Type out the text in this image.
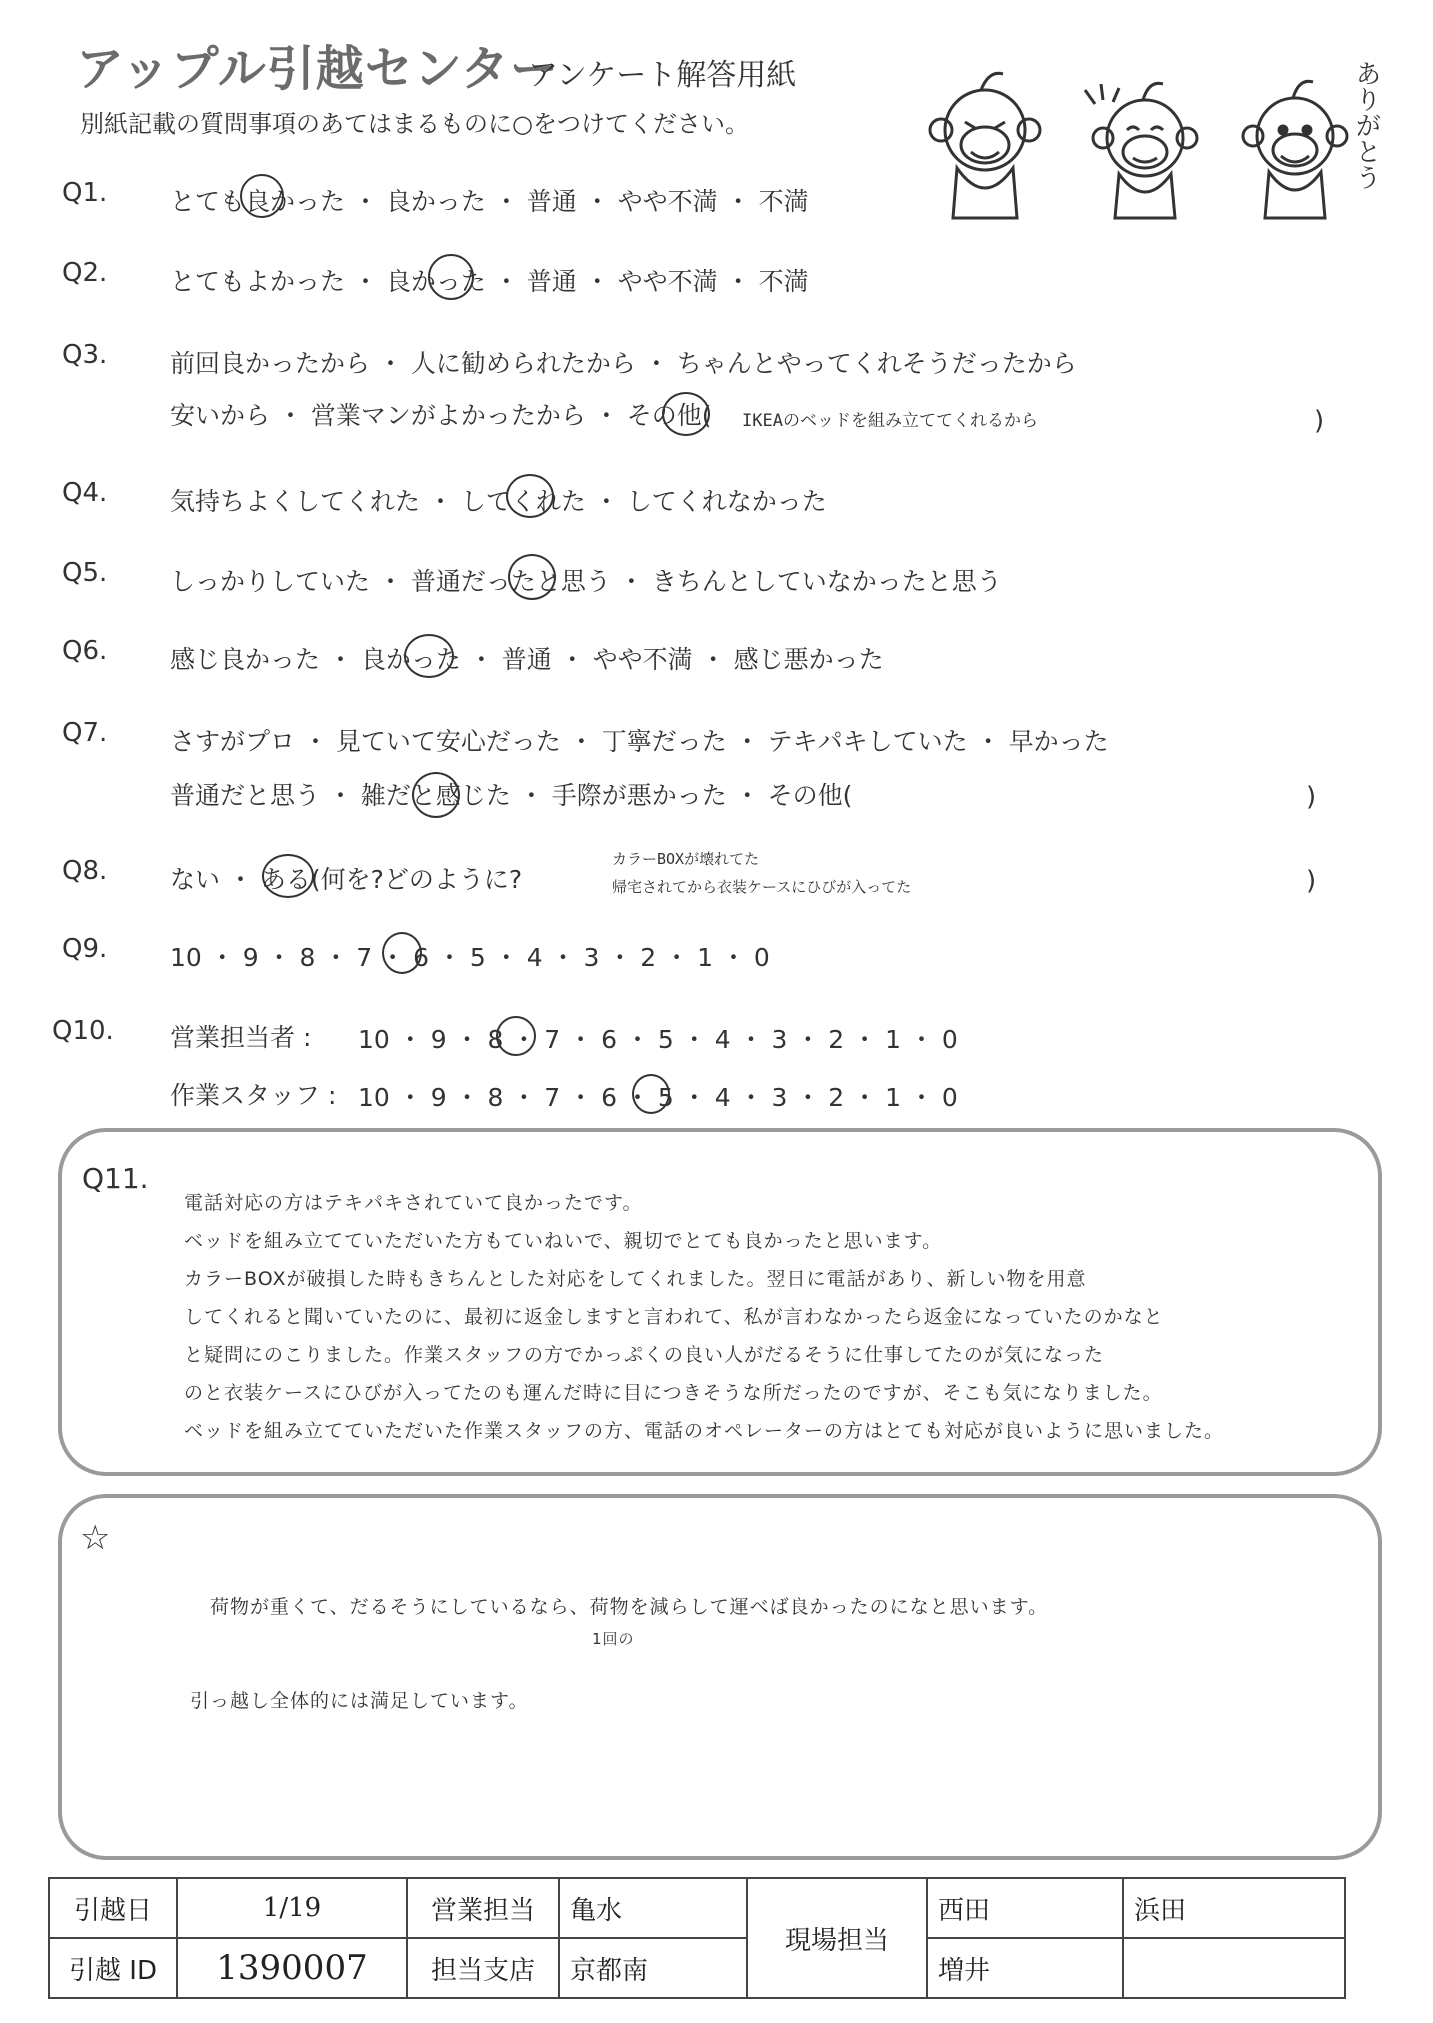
アップル引越センター
アンケート解答用紙
別紙記載の質問事項のあてはまるものに○をつけてください。	ありがとう
Q1.	とても良かった ・ 良かった ・ 普通 ・ やや不満 ・ 不満
Q2.	とてもよかった ・ 良かった ・ 普通 ・ やや不満 ・ 不満
Q3.	前回良かったから ・ 人に勧められたから ・ ちゃんとやってくれそうだったから
安いから ・ 営業マンがよかったから ・ その他( IKEAのベッドを組み立ててくれるから	)
Q4.	気持ちよくしてくれた ・ してくれた ・ してくれなかった
Q5.	しっかりしていた ・ 普通だったと思う ・ きちんとしていなかったと思う
Q6.	感じ良かった ・ 良かった ・ 普通 ・ やや不満 ・ 感じ悪かった
Q7.	さすがプロ ・ 見ていて安心だった ・ 丁寧だった ・ テキパキしていた ・ 早かった
普通だと思う ・ 雑だと感じた ・ 手際が悪かった ・ その他(	)
Q8.	ない ・ ある(何を?どのように?
カラーBOXが壊れてた
帰宅されてから衣装ケースにひびが入ってた	)
Q9.	10 ・ 9 ・ 8 ・ 7 ・ 6 ・ 5 ・ 4 ・ 3 ・ 2 ・ 1 ・ 0
Q10. 営業担当者 : 10 ・ 9 ・ 8 ・ 7 ・ 6 ・ 5 ・ 4 ・ 3 ・ 2 ・ 1 ・ 0
作業スタッフ : 10 ・ 9 ・ 8 ・ 7 ・ 6 ・ 5 ・ 4 ・ 3 ・ 2 ・ 1 ・ 0
Q11.
電話対応の方はテキパキされていて良かったです。
ベッドを組み立てていただいた方もていねいで、親切でとても良かったと思います。
カラーBOXが破損した時もきちんとした対応をしてくれました。翌日に電話があり、新しい物を用意
してくれると聞いていたのに、最初に返金しますと言われて、私が言わなかったら返金になっていたのかなと
と疑問にのこりました。作業スタッフの方でかっぷくの良い人がだるそうに仕事してたのが気になった
のと衣装ケースにひびが入ってたのも運んだ時に目につきそうな所だったのですが、そこも気になりました。
ベッドを組み立てていただいた作業スタッフの方、電話のオペレーターの方はとても対応が良いように思いました。
☆
荷物が重くて、だるそうにしているなら、荷物を減らして運べば良かったのになと思います。
1回の
引っ越し全体的には満足しています。
引越日	1/19	営業担当	亀水	現場担当	西田	浜田
引越 ID	1390007	担当支店	京都南		増井	
